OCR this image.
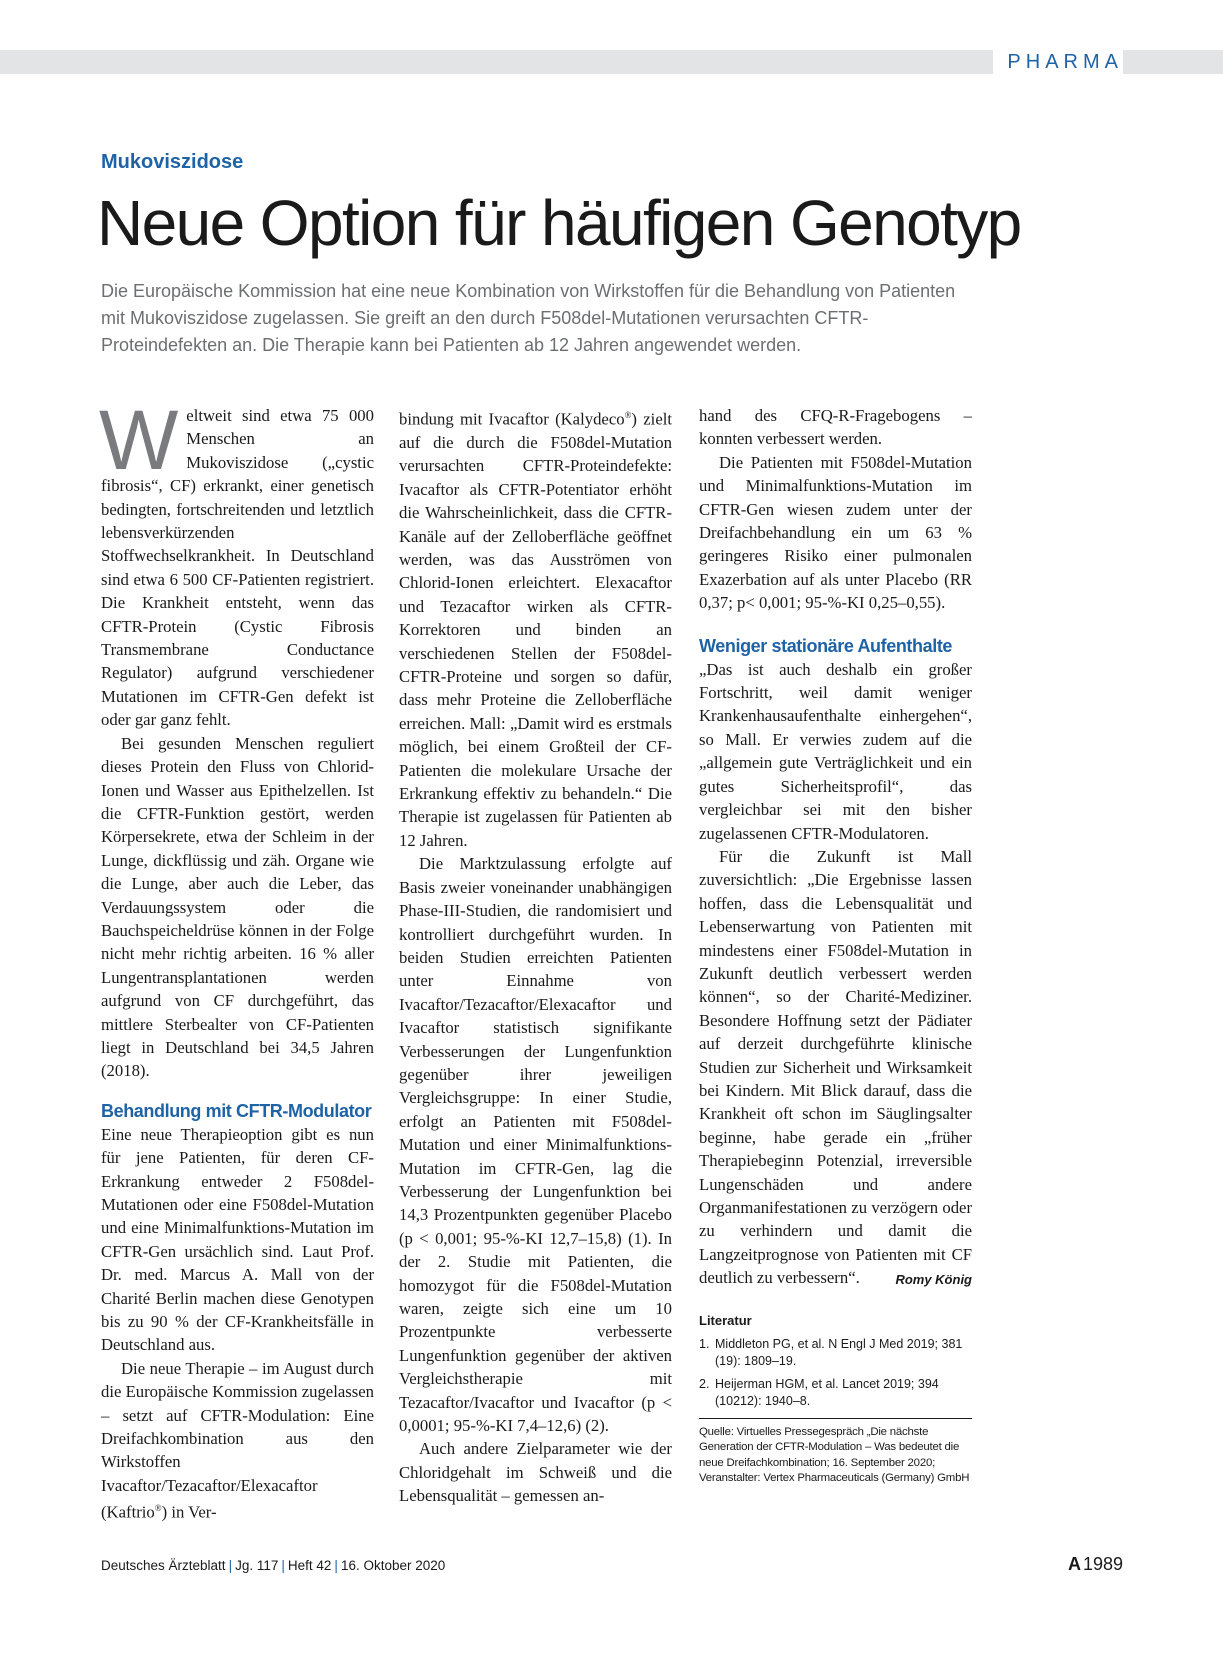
PHARMA
Mukoviszidose
Neue Option für häufigen Genotyp

Die Europäische Kommission hat eine neue Kombination von Wirkstoffen für die Behandlung von Patienten mit Mukoviszidose zugelassen. Sie greift an den durch F508del-Mutationen verursachten CFTR-Proteindefekten an. Die Therapie kann bei Patienten ab 12 Jahren angewendet werden.

Weltweit sind etwa 75 000 Menschen an Mukoviszidose („cystic fibrosis“, CF) erkrankt, einer genetisch bedingten, fortschreitenden und letztlich lebensverkürzenden Stoffwechselkrankheit. In Deutschland sind etwa 6 500 CF-Patienten registriert. Die Krankheit entsteht, wenn das CFTR-Protein (Cystic Fibrosis Transmembrane Conductance Regulator) aufgrund verschiedener Mutationen im CFTR-Gen defekt ist oder gar ganz fehlt.

Bei gesunden Menschen reguliert dieses Protein den Fluss von Chlorid-Ionen und Wasser aus Epithelzellen. Ist die CFTR-Funktion gestört, werden Körpersekrete, etwa der Schleim in der Lunge, dickflüssig und zäh. Organe wie die Lunge, aber auch die Leber, das Verdauungssystem oder die Bauchspeicheldrüse können in der Folge nicht mehr richtig arbeiten. 16 % aller Lungentransplantationen werden aufgrund von CF durchgeführt, das mittlere Sterbealter von CF-Patienten liegt in Deutschland bei 34,5 Jahren (2018).

Behandlung mit CFTR-Modulator

Eine neue Therapieoption gibt es nun für jene Patienten, für deren CF-Erkrankung entweder 2 F508del-Mutationen oder eine F508del-Mutation und eine Minimalfunktions-Mutation im CFTR-Gen ursächlich sind. Laut Prof. Dr. med. Marcus A. Mall von der Charité Berlin machen diese Genotypen bis zu 90 % der CF-Krankheitsfälle in Deutschland aus.

Die neue Therapie – im August durch die Europäische Kommission zugelassen – setzt auf CFTR-Modulation: Eine Dreifachkombination aus den Wirkstoffen Ivacaftor/Tezacaftor/Elexacaftor (Kaftrio®) in Ver-

bindung mit Ivacaftor (Kalydeco®) zielt auf die durch die F508del-Mutation verursachten CFTR-Proteindefekte: Ivacaftor als CFTR-Potentiator erhöht die Wahrscheinlichkeit, dass die CFTR-Kanäle auf der Zelloberfläche geöffnet werden, was das Ausströmen von Chlorid-Ionen erleichtert. Elexacaftor und Tezacaftor wirken als CFTR-Korrektoren und binden an verschiedenen Stellen der F508del-CFTR-Proteine und sorgen so dafür, dass mehr Proteine die Zelloberfläche erreichen. Mall: „Damit wird es erstmals möglich, bei einem Großteil der CF-Patienten die molekulare Ursache der Erkrankung effektiv zu behandeln.“ Die Therapie ist zugelassen für Patienten ab 12 Jahren.

Die Marktzulassung erfolgte auf Basis zweier voneinander unabhängigen Phase-III-Studien, die randomisiert und kontrolliert durchgeführt wurden. In beiden Studien erreichten Patienten unter Einnahme von Ivacaftor/Tezacaftor/Elexacaftor und Ivacaftor statistisch signifikante Verbesserungen der Lungenfunktion gegenüber ihrer jeweiligen Vergleichsgruppe: In einer Studie, erfolgt an Patienten mit F508del-Mutation und einer Minimalfunktions-Mutation im CFTR-Gen, lag die Verbesserung der Lungenfunktion bei 14,3 Prozentpunkten gegenüber Placebo (p < 0,001; 95-%-KI 12,7–15,8) (1). In der 2. Studie mit Patienten, die homozygot für die F508del-Mutation waren, zeigte sich eine um 10 Prozentpunkte verbesserte Lungenfunktion gegenüber der aktiven Vergleichstherapie mit Tezacaftor/Ivacaftor und Ivacaftor (p < 0,0001; 95-%-KI 7,4–12,6) (2).

Auch andere Zielparameter wie der Chloridgehalt im Schweiß und die Lebensqualität – gemessen an-

hand des CFQ-R-Fragebogens – konnten verbessert werden.

Die Patienten mit F508del-Mutation und Minimalfunktions-Mutation im CFTR-Gen wiesen zudem unter der Dreifachbehandlung ein um 63 % geringeres Risiko einer pulmonalen Exazerbation auf als unter Placebo (RR 0,37; p< 0,001; 95-%-KI 0,25–0,55).

Weniger stationäre Aufenthalte

„Das ist auch deshalb ein großer Fortschritt, weil damit weniger Krankenhausaufenthalte einhergehen“, so Mall. Er verwies zudem auf die „allgemein gute Verträglichkeit und ein gutes Sicherheitsprofil“, das vergleichbar sei mit den bisher zugelassenen CFTR-Modulatoren.

Für die Zukunft ist Mall zuversichtlich: „Die Ergebnisse lassen hoffen, dass die Lebensqualität und Lebenserwartung von Patienten mit mindestens einer F508del-Mutation in Zukunft deutlich verbessert werden können“, so der Charité-Mediziner. Besondere Hoffnung setzt der Pädiater auf derzeit durchgeführte klinische Studien zur Sicherheit und Wirksamkeit bei Kindern. Mit Blick darauf, dass die Krankheit oft schon im Säuglingsalter beginne, habe gerade ein „früher Therapiebeginn Potenzial, irreversible Lungenschäden und andere Organmanifestationen zu verzögern oder zu verhindern und damit die Langzeitprognose von Patienten mit CF deutlich zu verbessern“.	Romy König

Literatur
1. Middleton PG, et al. N Engl J Med 2019; 381 (19): 1809–19.
2. Heijerman HGM, et al. Lancet 2019; 394 (10212): 1940–8.
Quelle: Virtuelles Pressegespräch „Die nächste Generation der CFTR-Modulation – Was bedeutet die neue Dreifachkombination; 16. September 2020; Veranstalter: Vertex Pharmaceuticals (Germany) GmbH
Deutsches Ärzteblatt | Jg. 117 | Heft 42 | 16. Oktober 2020	A 1989
